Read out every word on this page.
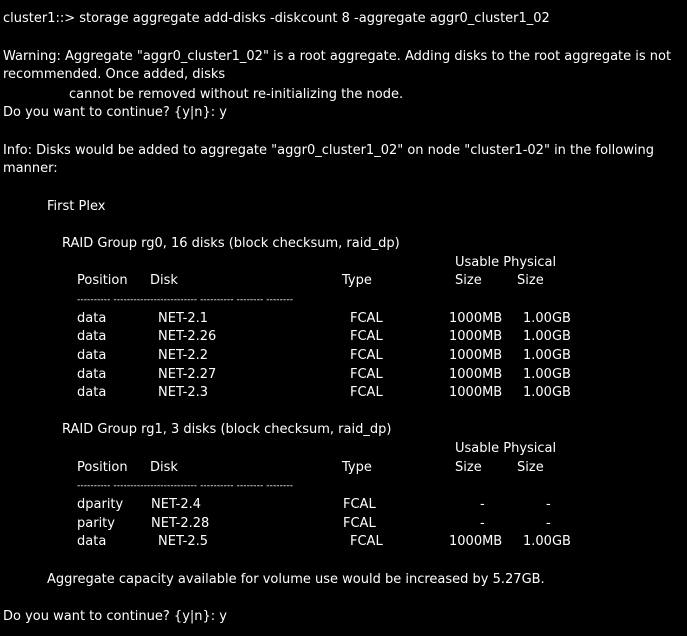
cluster1::> storage aggregate add-disks -diskcount 8 -aggregate aggr0_cluster1_02
Warning: Aggregate "aggr0_cluster1_02" is a root aggregate. Adding disks to the root aggregate is not
recommended. Once added, disks
cannot be removed without re-initializing the node.
Do you want to continue? {y|n}: y
Info: Disks would be added to aggregate "aggr0_cluster1_02" on node "cluster1-02" in the following
manner:
First Plex
RAID Group rg0, 16 disks (block checksum, raid_dp)
Usable Physical
Position Disk	Type	Size	Size
---------- ------------------------- ---------- -------- --------
data	NET-2.1	FCAL	1000MB 1.00GB
data	NET-2.26	FCAL	1000MB 1.00GB
data	NET-2.2	FCAL	1000MB 1.00GB
data	NET-2.27	FCAL	1000MB 1.00GB
data	NET-2.3	FCAL	1000MB 1.00GB
RAID Group rg1, 3 disks (block checksum, raid_dp)
Usable Physical
Position Disk	Type	Size	Size
---------- ------------------------- ---------- -------- --------
dparity NET-2.4	FCAL	-	-
parity	NET-2.28	FCAL	-	-
data	NET-2.5	FCAL	1000MB 1.00GB
Aggregate capacity available for volume use would be increased by 5.27GB.
Do you want to continue? {y|n}: y
